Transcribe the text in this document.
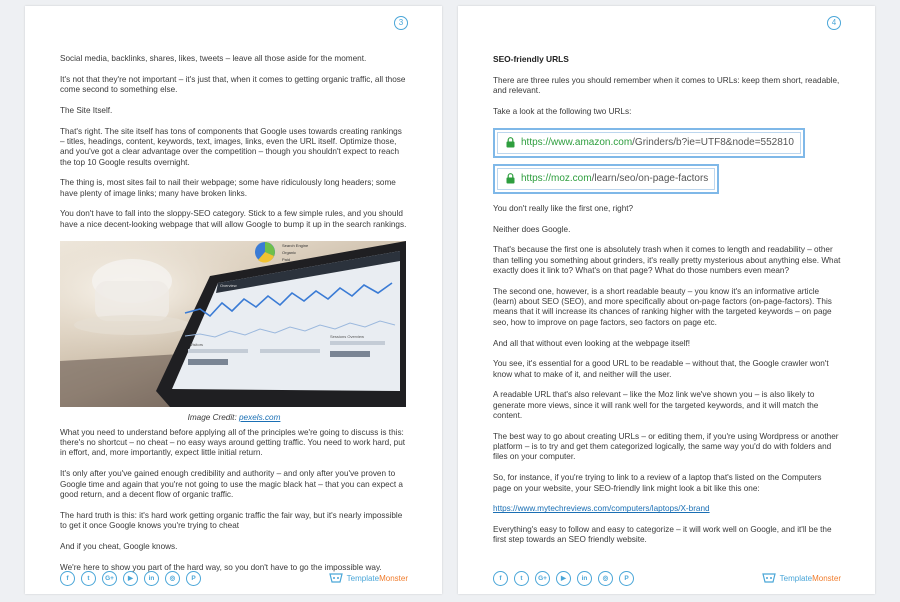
3

Social media, backlinks, shares, likes, tweets – leave all those aside for the moment.

It's not that they're not important – it's just that, when it comes to getting organic traffic, all those come second to something else.

The Site Itself.

That's right. The site itself has tons of components that Google uses towards creating rankings – titles, headings, content, keywords, text, images, links, even the URL itself. Optimize those, and you've got a clear advantage over the competition – though you shouldn't expect to reach the top 10 Google results overnight.

The thing is, most sites fail to nail their webpage; some have ridiculously long headers; some have plenty of image links; many have broken links.

You don't have to fall into the sloppy-SEO category. Stick to a few simple rules, and you should have a nice decent-looking webpage that will allow Google to bump it up in the search rankings.

Search Engine
Organic
Paid
Visitors
Sessions Overview
Overview

Image Credit: pexels.com

What you need to understand before applying all of the principles we're going to discuss is this: there's no shortcut – no cheat – no easy ways around getting traffic. You need to work hard, put in effort, and, more importantly, expect little initial return.

It's only after you've gained enough credibility and authority – and only after you've proven to Google time and again that you're not going to use the magic black hat – that you can expect a good return, and a decent flow of organic traffic.

The hard truth is this: it's hard work getting organic traffic the fair way, but it's nearly impossible to get it once Google knows you're trying to cheat

And if you cheat, Google knows.

We're here to show you part of the hard way, so you don't have to go the impossible way.

f	t	G+	▶	in	◎	P	Template Monster
4
SEO-friendly URLS

There are three rules you should remember when it comes to URLs: keep them short, readable, and relevant.

Take a look at the following two URLs:

https://www.amazon.com /Grinders/b?ie=UTF8&node=552810

https://moz.com /learn/seo/on-page-factors

You don't really like the first one, right?

Neither does Google.

That's because the first one is absolutely trash when it comes to length and readability – other than telling you something about grinders, it's really pretty mysterious about anything else. What exactly does it link to? What's on that page? What do those numbers even mean?

The second one, however, is a short readable beauty – you know it's an informative article (learn) about SEO (SEO), and more specifically about on-page factors (on-page-factors). This means that it will increase its chances of ranking higher with the targeted keywords – on page seo, how to improve on page factors, seo factors on page etc.

And all that without even looking at the webpage itself!

You see, it's essential for a good URL to be readable – without that, the Google crawler won't know what to make of it, and neither will the user.

A readable URL that's also relevant – like the Moz link we've shown you – is also likely to generate more views, since it will rank well for the targeted keywords, and it will match the content.

The best way to go about creating URLs – or editing them, if you're using Wordpress or another platform – is to try and get them categorized logically, the same way you'd do with folders and files on your computer.

So, for instance, if you're trying to link to a review of a laptop that's listed on the Computers page on your website, your SEO-friendly link might look a bit like this one:

https://www.mytechreviews.com/computers/laptops/X-brand

Everything's easy to follow and easy to categorize – it will work well on Google, and it'll be the first step towards an SEO friendly website.

f	t	G+	▶	in	◎	P	Template Monster
